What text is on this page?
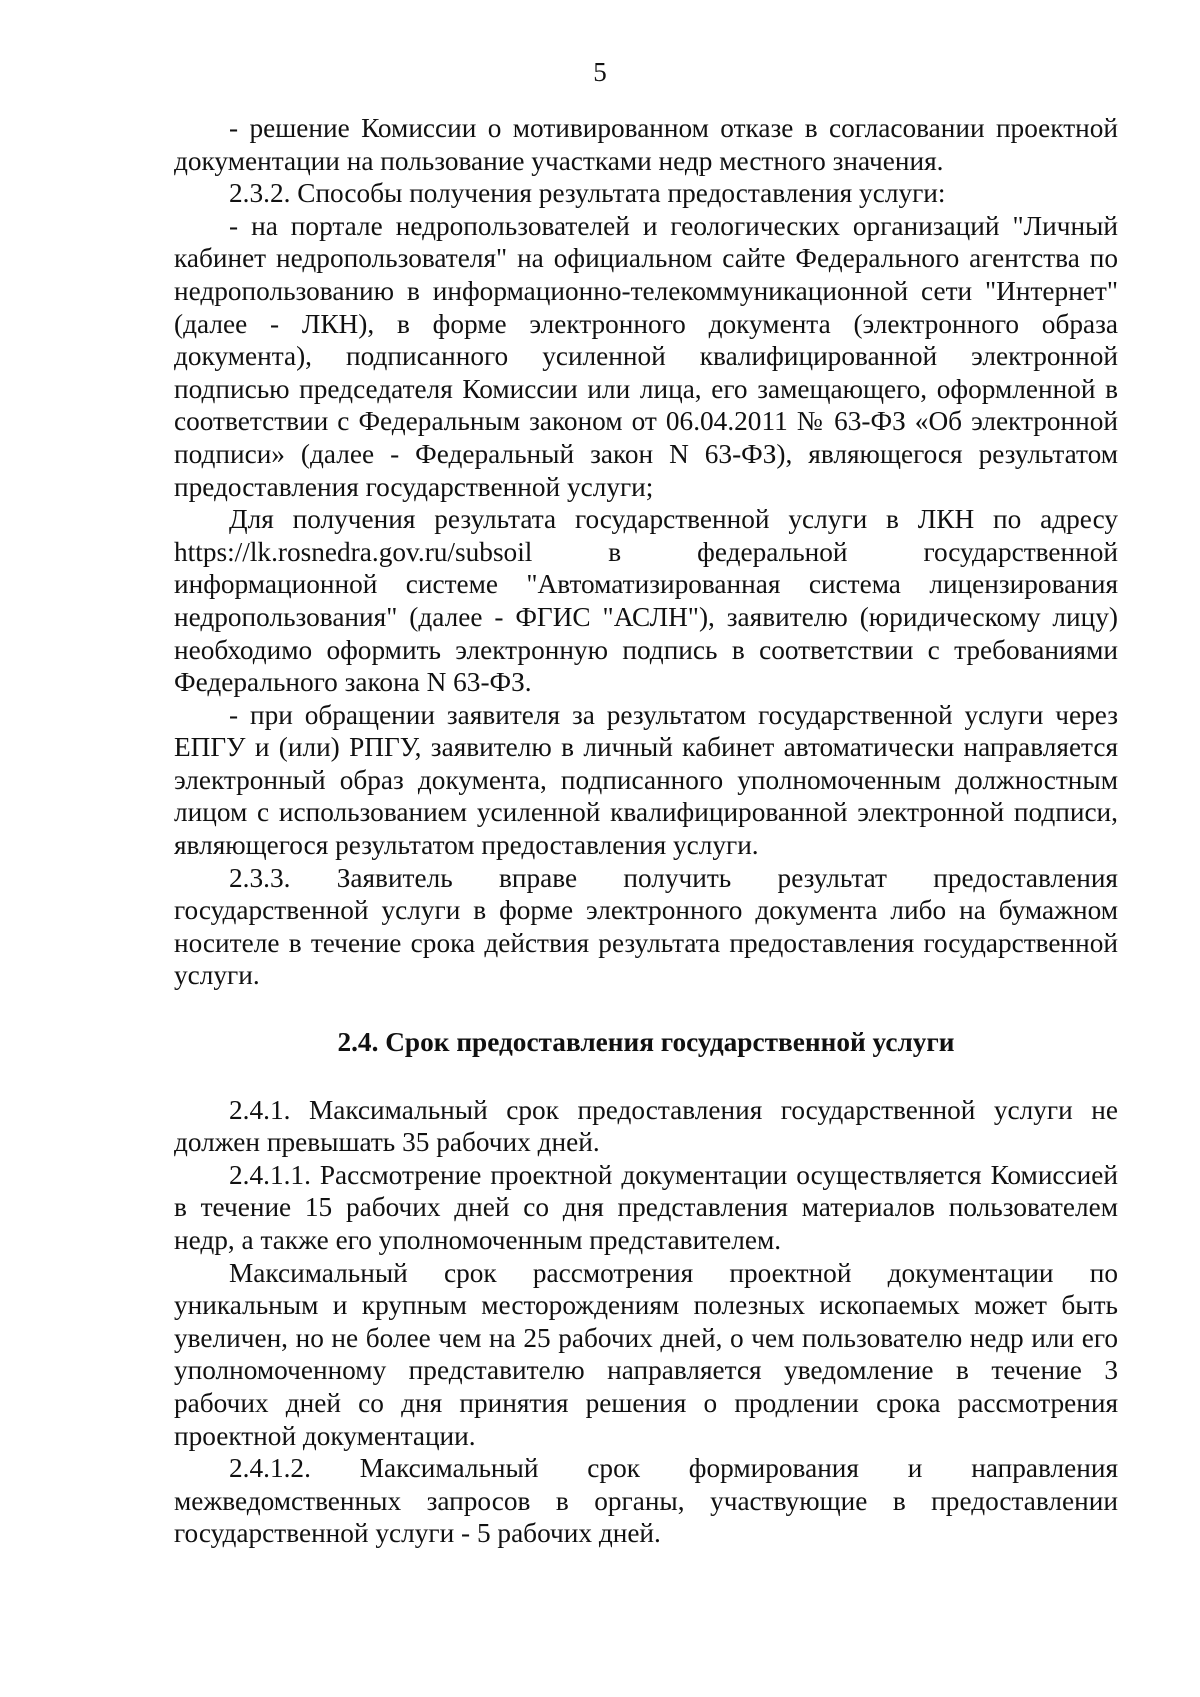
5

- решение Комиссии о мотивированном отказе в согласовании проектной документации на пользование участками недр местного значения.

2.3.2. Способы получения результата предоставления услуги:

- на портале недропользователей и геологических организаций "Личный кабинет недропользователя" на официальном сайте Федерального агентства по недропользованию в информационно-телекоммуникационной сети "Интернет" (далее - ЛКН), в форме электронного документа (электронного образа документа), подписанного усиленной квалифицированной электронной подписью председателя Комиссии или лица, его замещающего, оформленной в соответствии с Федеральным законом от 06.04.2011 № 63-ФЗ «Об электронной подписи» (далее - Федеральный закон N 63-ФЗ), являющегося результатом предоставления государственной услуги;

Для получения результата государственной услуги в ЛКН по адресу https://lk.rosnedra.gov.ru/subsoil в федеральной государственной информационной системе "Автоматизированная система лицензирования недропользования" (далее - ФГИС "АСЛН"), заявителю (юридическому лицу) необходимо оформить электронную подпись в соответствии с требованиями Федерального закона N 63-ФЗ.

- при обращении заявителя за результатом государственной услуги через ЕПГУ и (или) РПГУ, заявителю в личный кабинет автоматически направляется электронный образ документа, подписанного уполномоченным должностным лицом с использованием усиленной квалифицированной электронной подписи, являющегося результатом предоставления услуги.

2.3.3. Заявитель вправе получить результат предоставления государственной услуги в форме электронного документа либо на бумажном носителе в течение срока действия результата предоставления государственной услуги.

2.4. Срок предоставления государственной услуги

2.4.1. Максимальный срок предоставления государственной услуги не должен превышать 35 рабочих дней.

2.4.1.1. Рассмотрение проектной документации осуществляется Комиссией в течение 15 рабочих дней со дня представления материалов пользователем недр, а также его уполномоченным представителем.

Максимальный срок рассмотрения проектной документации по уникальным и крупным месторождениям полезных ископаемых может быть увеличен, но не более чем на 25 рабочих дней, о чем пользователю недр или его уполномоченному представителю направляется уведомление в течение 3 рабочих дней со дня принятия решения о продлении срока рассмотрения проектной документации.

2.4.1.2. Максимальный срок формирования и направления межведомственных запросов в органы, участвующие в предоставлении государственной услуги - 5 рабочих дней.
